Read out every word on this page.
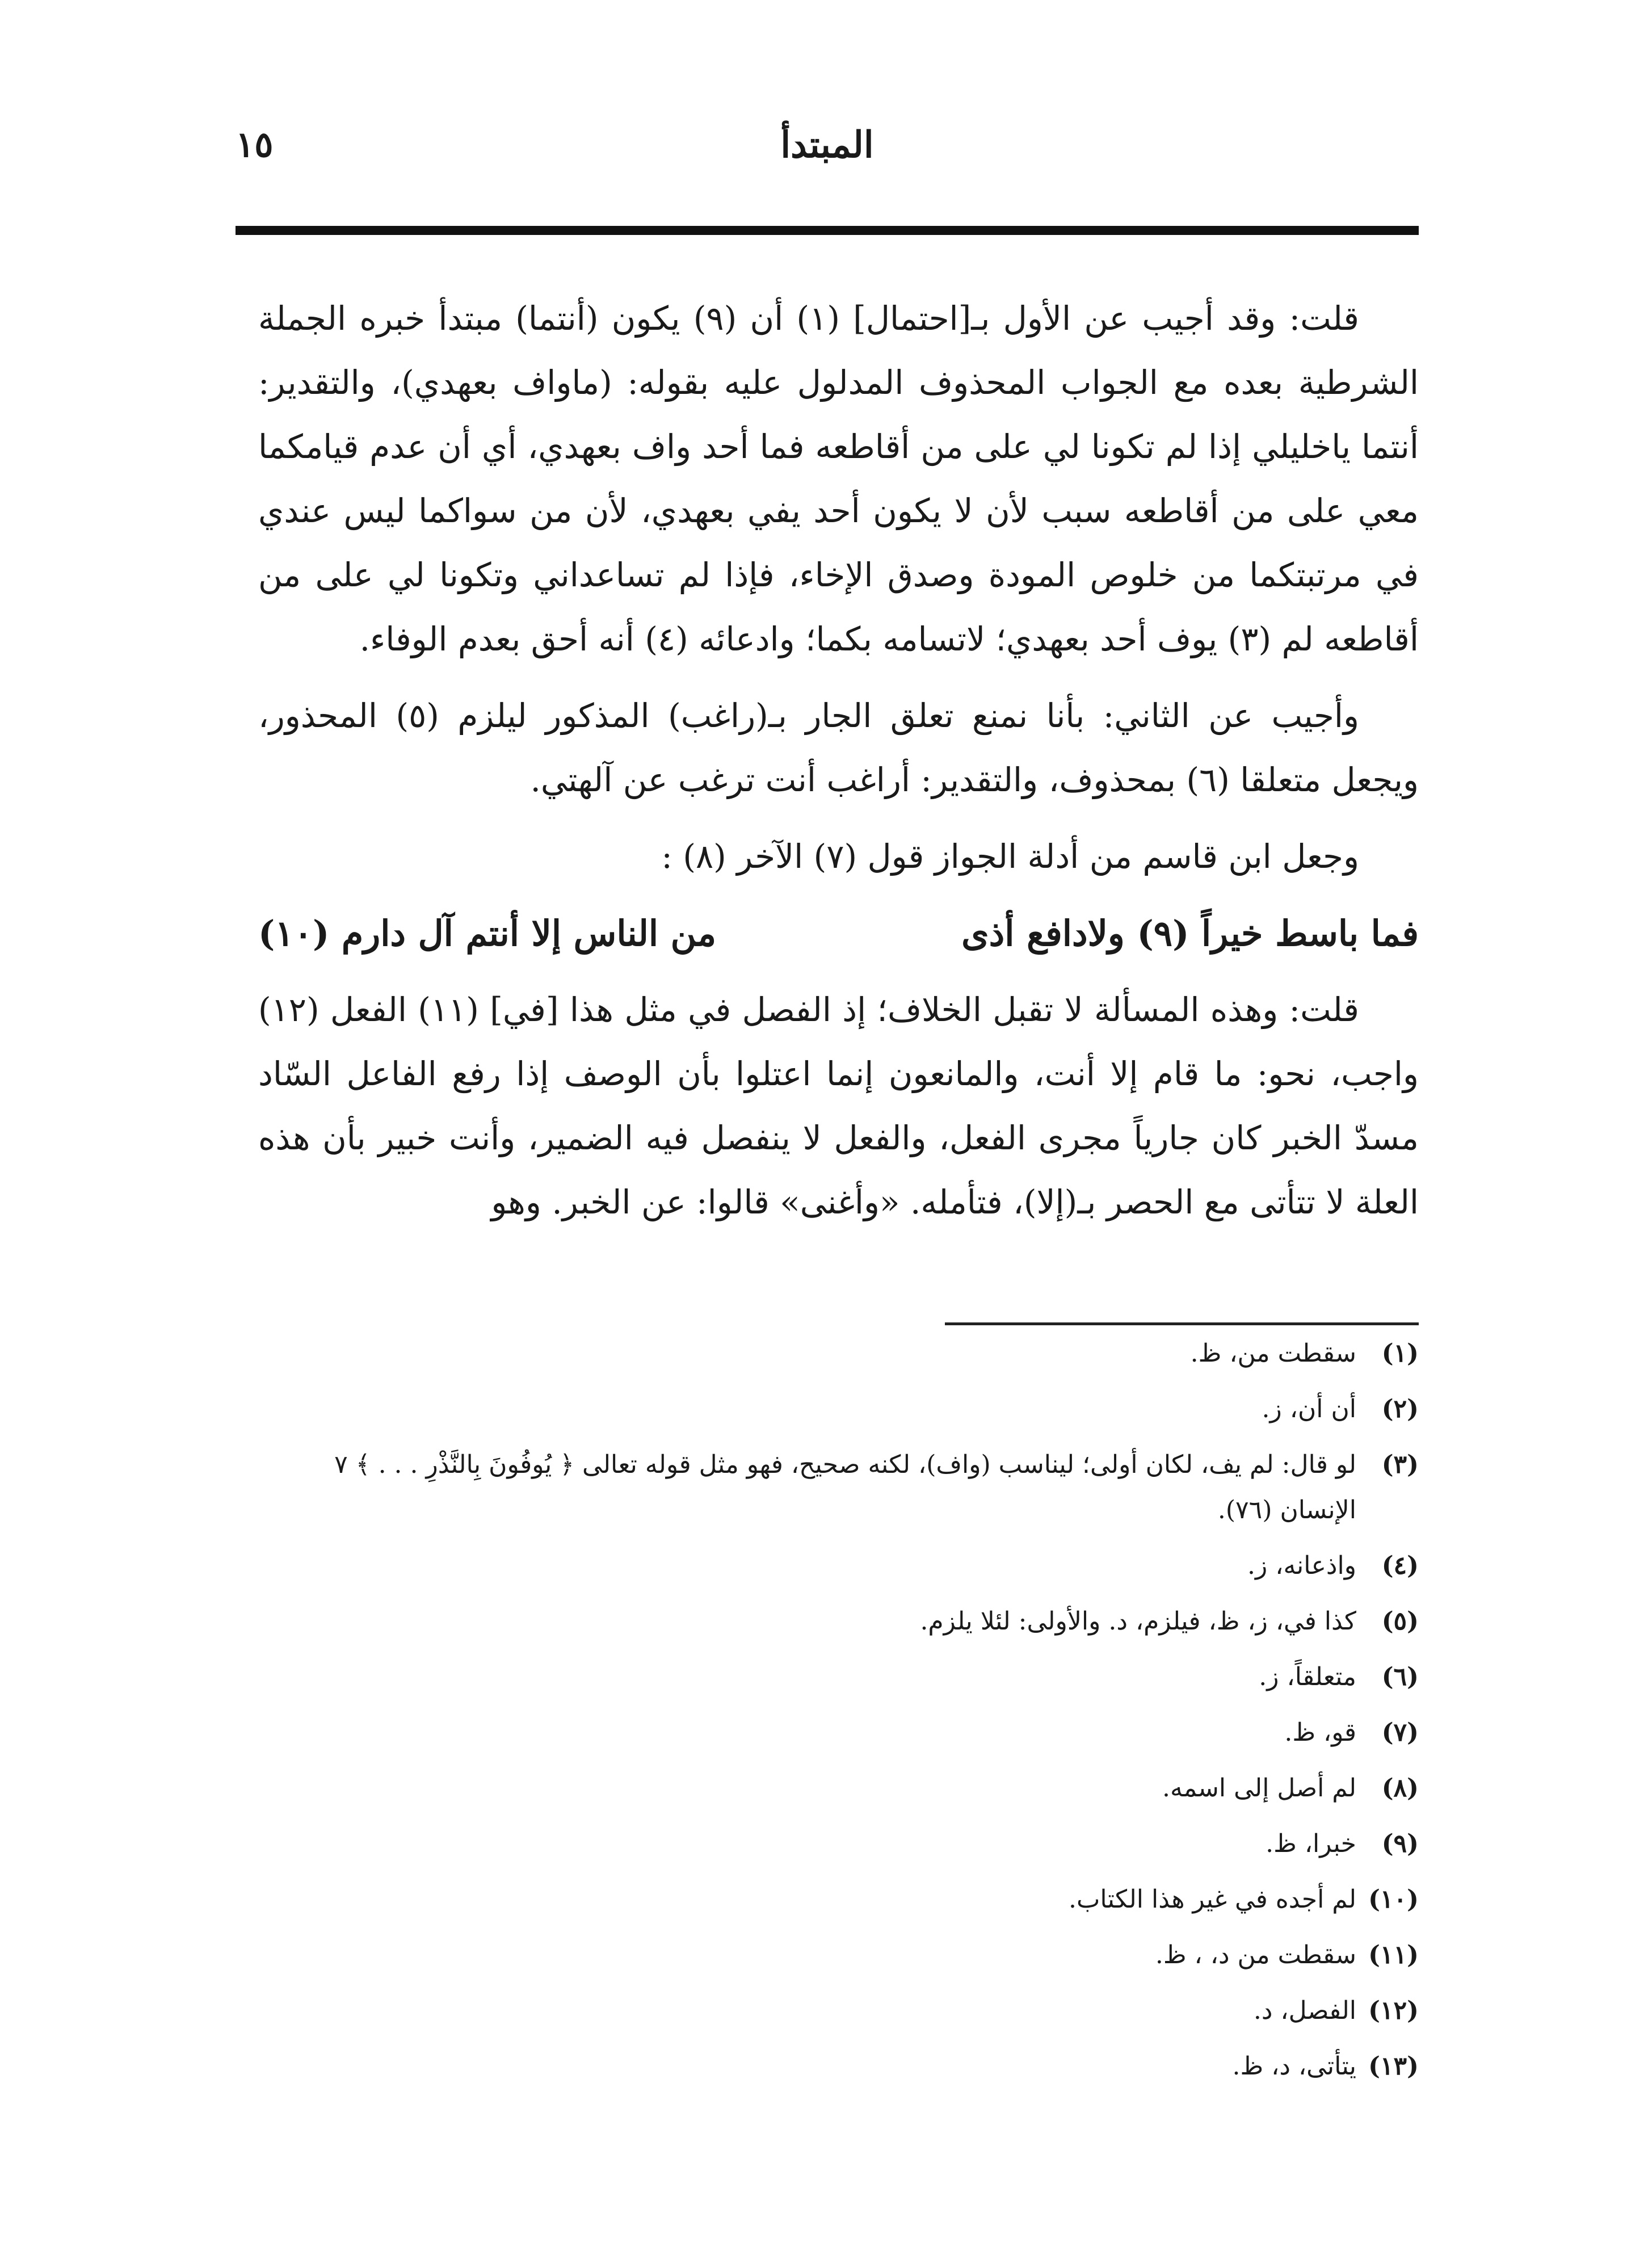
١٥	المبتدأ

قلت: وقد أجيب عن الأول بـ[احتمال] (١) أن (٩) يكون (أنتما) مبتدأ خبره الجملة الشرطية بعده مع الجواب المحذوف المدلول عليه بقوله: (ماواف بعهدي)، والتقدير: أنتما ياخليلي إذا لم تكونا لي على من أقاطعه فما أحد واف بعهدي، أي أن عدم قيامكما معي على من أقاطعه سبب لأن لا يكون أحد يفي بعهدي، لأن من سواكما ليس عندي في مرتبتكما من خلوص المودة وصدق الإخاء، فإذا لم تساعداني وتكونا لي على من أقاطعه لم (٣) يوف أحد بعهدي؛ لاتسامه بكما؛ وادعائه (٤) أنه أحق بعدم الوفاء.

وأجيب عن الثاني: بأنا نمنع تعلق الجار بـ(راغب) المذكور ليلزم (٥) المحذور، ويجعل متعلقا (٦) بمحذوف، والتقدير: أراغب أنت ترغب عن آلهتي.

وجعل ابن قاسم من أدلة الجواز قول (٧) الآخر (٨) :

فما باسط خيراً (٩) ولادافع أذى
من الناس إلا أنتم آل دارم (١٠)

قلت: وهذه المسألة لا تقبل الخلاف؛ إذ الفصل في مثل هذا [في] (١١) الفعل (١٢) واجب، نحو: ما قام إلا أنت، والمانعون إنما اعتلوا بأن الوصف إذا رفع الفاعل السّاد مسدّ الخبر كان جارياً مجرى الفعل، والفعل لا ينفصل فيه الضمير، وأنت خبير بأن هذه العلة لا تتأتى مع الحصر بـ(إلا)، فتأمله. «وأغنى» قالوا: عن الخبر. وهو

(١)
سقطت من، ظ.
(٢)
أن أن، ز.
(٣)
لو قال: لم يف، لكان أولى؛ ليناسب (واف)، لكنه صحيح، فهو مثل قوله تعالى ﴿ يُوفُونَ بِالنَّذْرِ . . . ﴾ ٧ الإنسان (٧٦).
(٤)
واذعانه، ز.
(٥)
كذا في، ز، ظ، فيلزم، د. والأولى: لئلا يلزم.
(٦)
متعلقاً، ز.
(٧)
قو، ظ.
(٨)
لم أصل إلى اسمه.
(٩)
خبرا، ظ.
(١٠)
لم أجده في غير هذا الكتاب.
(١١)
سقطت من د، ، ظ.
(١٢)
الفصل، د.
(١٣)
يتأتى، د، ظ.
